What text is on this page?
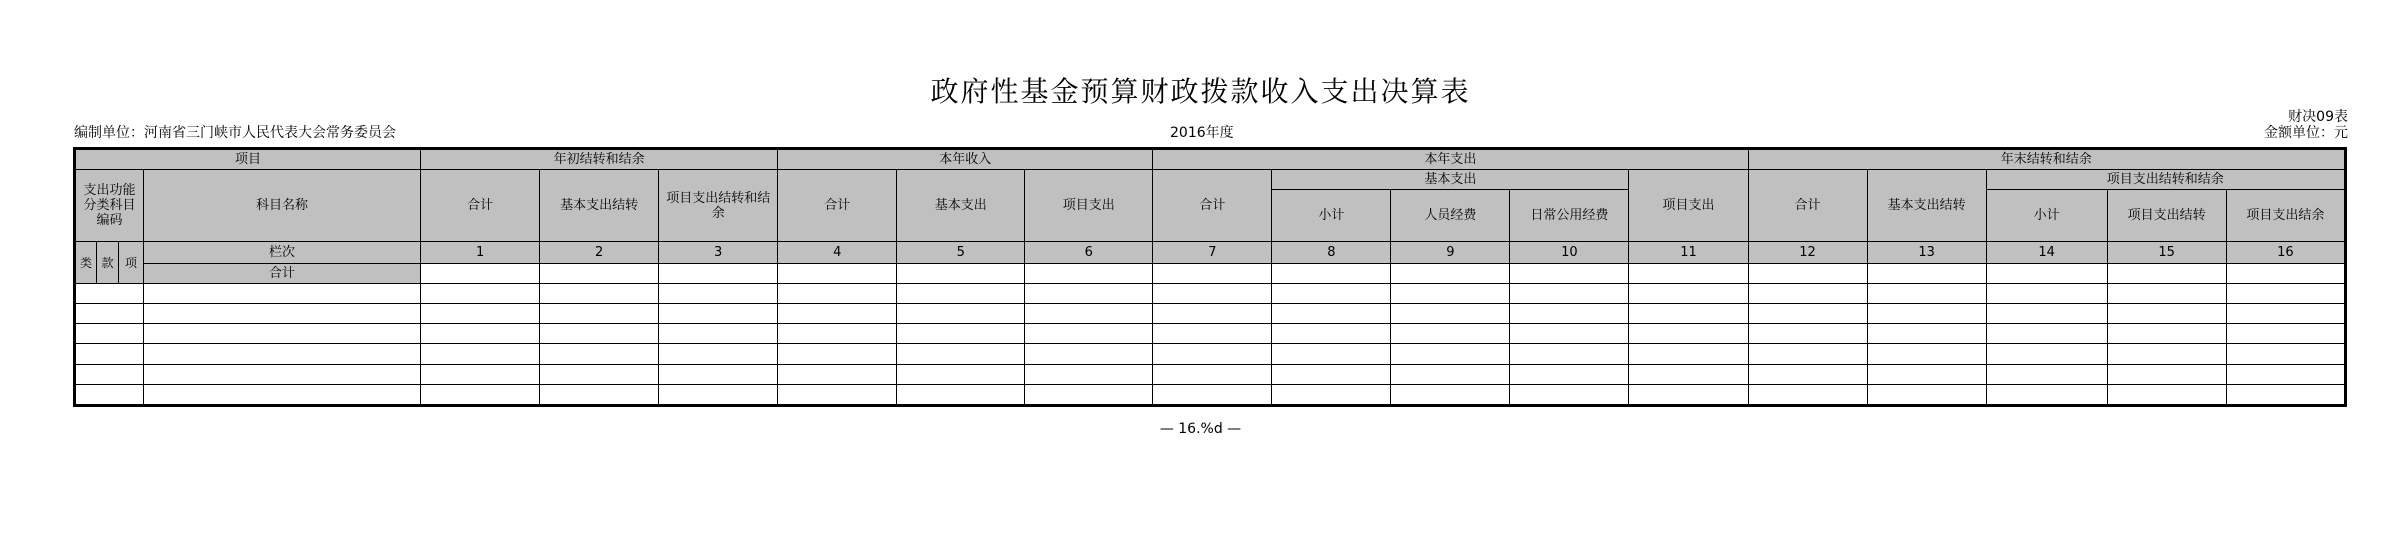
政府性基金预算财政拨款收入支出决算表
财决09表
编制单位：河南省三门峡市人民代表大会常务委员会	2016年度	金额单位：元
项目				年初结转和结余			本年收入			本年支出					年末结转和结余				
支出功能分类科目编码			科目名称	合计	基本支出结转	项目支出结转和结余	合计	基本支出	项目支出	合计	基本支出			项目支出	合计	基本支出结转	项目支出结转和结余		
											小计	人员经费	日常公用经费				小计	项目支出结转	项目支出结余
类	款	项	栏次	1	2	3	4	5	6	7	8	9	10	11	12	13	14	15	16
			合计																

— 16.%d —
